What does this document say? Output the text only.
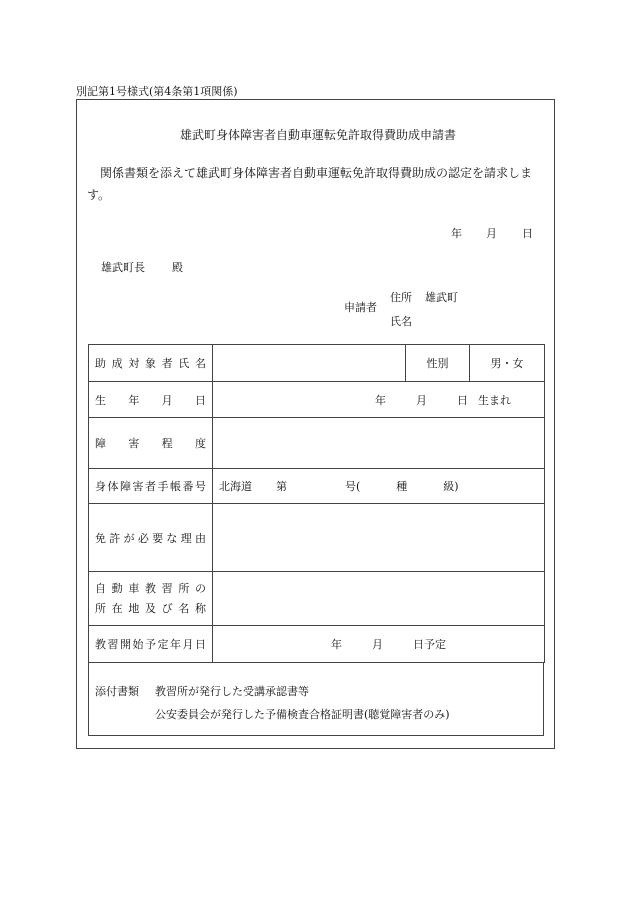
別記第1号様式(第4条第1項関係)
雄武町身体障害者自動車運転免許取得費助成申請書
関係書類を添えて雄武町身体障害者自動車運転免許取得費助成の認定を請求しま
す。
年 月 日
雄武町長 殿
申請者
住所 雄武町
氏名
助成対象者氏名		性別	男・女

生年月日	年 月 日 生まれ		

障害程度			

身体障害者手帳番号	北海道 第 号( 種 級)		

免許が必要な理由			

自動車教習所の
所在地及び名称			

教習開始予定年月日	年 月 日予定		
添付書類 教習所が発行した受講承認書等
公安委員会が発行した予備検査合格証明書(聴覚障害者のみ)
